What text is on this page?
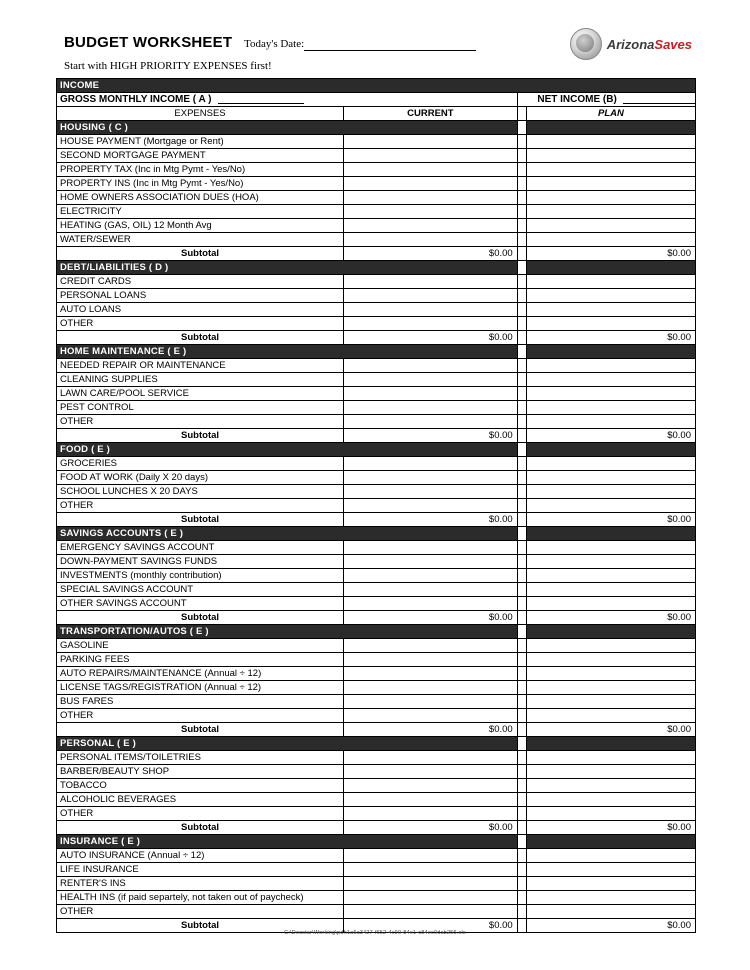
BUDGET WORKSHEET Today's Date:
Start with HIGH PRIORITY EXPENSES first!
ArizonaSaves
INCOME			
GROSS MONTHLY INCOME ( A )		NET INCOME (B)	
EXPENSES	CURRENT		PLAN
HOUSING ( C )			
HOUSE PAYMENT (Mortgage or Rent)			
SECOND MORTGAGE PAYMENT			
PROPERTY TAX (Inc in Mtg Pymt - Yes/No)			
PROPERTY INS (Inc in Mtg Pymt - Yes/No)			
HOME OWNERS ASSOCIATION DUES (HOA)			
ELECTRICITY			
HEATING (GAS, OIL) 12 Month Avg			
WATER/SEWER			
Subtotal	$0.00		$0.00
DEBT/LIABILITIES ( D )			
CREDIT CARDS			
PERSONAL LOANS			
AUTO LOANS			
OTHER			
Subtotal	$0.00		$0.00
HOME MAINTENANCE ( E )			
NEEDED REPAIR OR MAINTENANCE			
CLEANING SUPPLIES			
LAWN CARE/POOL SERVICE			
PEST CONTROL			
OTHER			
Subtotal	$0.00		$0.00
FOOD ( E )			
GROCERIES			
FOOD AT WORK (Daily X 20 days)			
SCHOOL LUNCHES X 20 DAYS			
OTHER			
Subtotal	$0.00		$0.00
SAVINGS ACCOUNTS ( E )			
EMERGENCY SAVINGS ACCOUNT			
DOWN-PAYMENT SAVINGS FUNDS			
INVESTMENTS (monthly contribution)			
SPECIAL SAVINGS ACCOUNT			
OTHER SAVINGS ACCOUNT			
Subtotal	$0.00		$0.00
TRANSPORTATION/AUTOS ( E )			
GASOLINE			
PARKING FEES			
AUTO REPAIRS/MAINTENANCE (Annual ÷ 12)			
LICENSE TAGS/REGISTRATION (Annual ÷ 12)			
BUS FARES			
OTHER			
Subtotal	$0.00		$0.00
PERSONAL ( E )			
PERSONAL ITEMS/TOILETRIES			
BARBER/BEAUTY SHOP			
TOBACCO			
ALCOHOLIC BEVERAGES			
OTHER			
Subtotal	$0.00		$0.00
INSURANCE ( E )			
AUTO INSURANCE (Annual ÷ 12)			
LIFE INSURANCE			
RENTER'S INS			
HEALTH INS (if paid separtely, not taken out of paycheck)			
OTHER			
Subtotal	$0.00		$0.00
C:\Docstar\Working\pdh1a6a3427-f652-4c90-84e1-c84ec0dab255.xls
